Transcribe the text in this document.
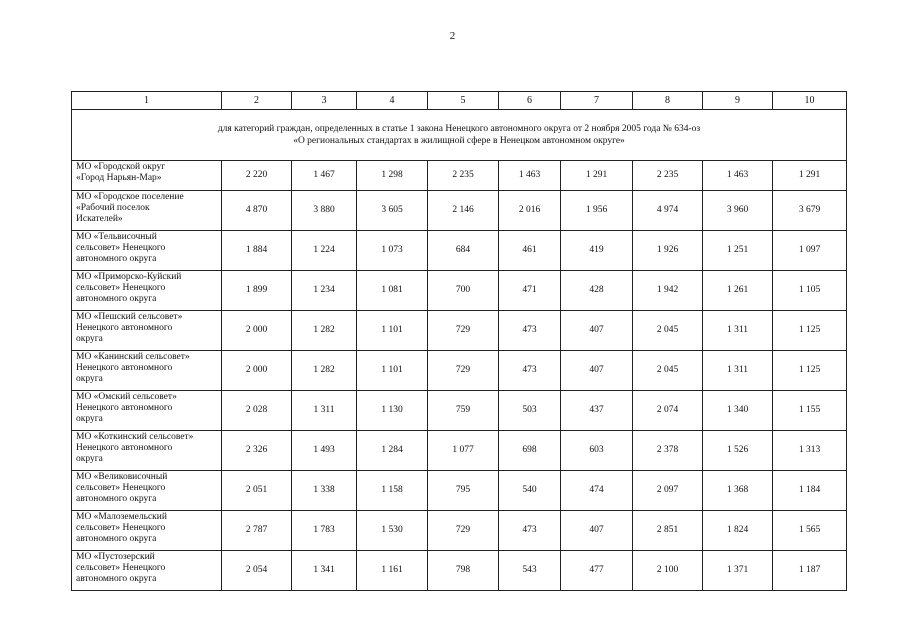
2
1	2	3	4	5	6	7	8	9	10

для категорий граждан, определенных в статье 1 закона Ненецкого автономного округа от 2 ноября 2005 года № 634-оз
«О региональных стандартах в жилищной сфере в Ненецком автономном округе»									

МО «Городской округ
«Город Нарьян-Мар»	2 220	1 467	1 298	2 235	1 463	1 291	2 235	1 463	1 291

МО «Городское поселение
«Рабочий поселок
Искателей»	4 870	3 880	3 605	2 146	2 016	1 956	4 974	3 960	3 679

МО «Тельвисочный
сельсовет» Ненецкого
автономного округа	1 884	1 224	1 073	684	461	419	1 926	1 251	1 097

МО «Приморско-Куйский
сельсовет» Ненецкого
автономного округа	1 899	1 234	1 081	700	471	428	1 942	1 261	1 105

МО «Пешский сельсовет»
Ненецкого автономного
округа	2 000	1 282	1 101	729	473	407	2 045	1 311	1 125

МО «Канинский сельсовет»
Ненецкого автономного
округа	2 000	1 282	1 101	729	473	407	2 045	1 311	1 125

МО «Омский сельсовет»
Ненецкого автономного
округа	2 028	1 311	1 130	759	503	437	2 074	1 340	1 155

МО «Коткинский сельсовет»
Ненецкого автономного
округа	2 326	1 493	1 284	1 077	698	603	2 378	1 526	1 313

МО «Великовисочный
сельсовет» Ненецкого
автономного округа	2 051	1 338	1 158	795	540	474	2 097	1 368	1 184

МО «Малоземельский
сельсовет» Ненецкого
автономного округа	2 787	1 783	1 530	729	473	407	2 851	1 824	1 565

МО «Пустозерский
сельсовет» Ненецкого
автономного округа	2 054	1 341	1 161	798	543	477	2 100	1 371	1 187
